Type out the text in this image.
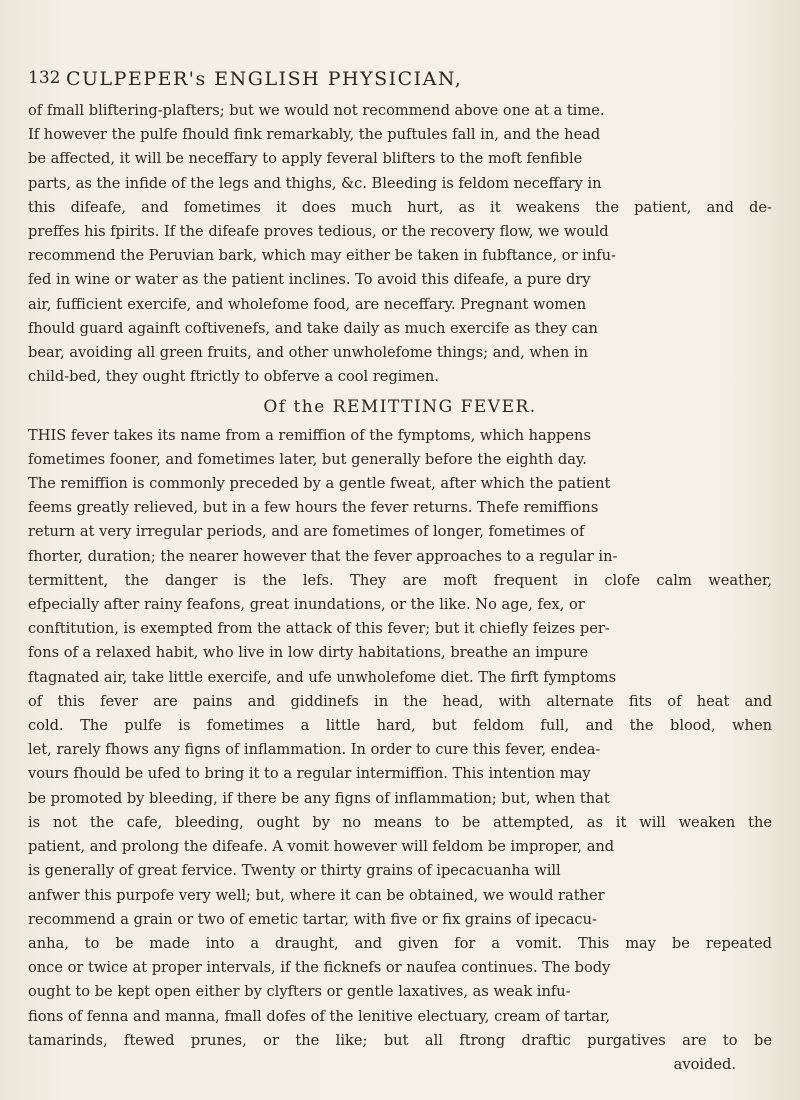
132 CULPEPER's ENGLISH PHYSICIAN,
of fmall bliftering-plafters; but we would not recommend above one at a time.
If however the pulfe fhould fink remarkably, the puftules fall in, and the head
be affected, it will be neceffary to apply feveral blifters to the moft fenfible
parts, as the infide of the legs and thighs, &c. Bleeding is feldom neceffary in
this difeafe, and fometimes it does much hurt, as it weakens the patient, and de-
preffes his fpirits. If the difeafe proves tedious, or the recovery flow, we would
recommend the Peruvian bark, which may either be taken in fubftance, or infu-
fed in wine or water as the patient inclines. To avoid this difeafe, a pure dry
air, fufficient exercife, and wholefome food, are neceffary. Pregnant women
fhould guard againft coftivenefs, and take daily as much exercife as they can
bear, avoiding all green fruits, and other unwholefome things; and, when in
child-bed, they ought ftrictly to obferve a cool regimen.
Of the REMITTING FEVER.
THIS fever takes its name from a remiffion of the fymptoms, which happens
fometimes fooner, and fometimes later, but generally before the eighth day.
The remiffion is commonly preceded by a gentle fweat, after which the patient
feems greatly relieved, but in a few hours the fever returns. Thefe remiffions
return at very irregular periods, and are fometimes of longer, fometimes of
fhorter, duration; the nearer however that the fever approaches to a regular in-
termittent, the danger is the lefs. They are moft frequent in clofe calm weather,
efpecially after rainy feafons, great inundations, or the like. No age, fex, or
conftitution, is exempted from the attack of this fever; but it chiefly feizes per-
fons of a relaxed habit, who live in low dirty habitations, breathe an impure
ftagnated air, take little exercife, and ufe unwholefome diet. The firft fymptoms
of this fever are pains and giddinefs in the head, with alternate fits of heat and
cold. The pulfe is fometimes a little hard, but feldom full, and the blood, when
let, rarely fhows any figns of inflammation. In order to cure this fever, endea-
vours fhould be ufed to bring it to a regular intermiffion. This intention may
be promoted by bleeding, if there be any figns of inflammation; but, when that
is not the cafe, bleeding, ought by no means to be attempted, as it will weaken the
patient, and prolong the difeafe. A vomit however will feldom be improper, and
is generally of great fervice. Twenty or thirty grains of ipecacuanha will
anfwer this purpofe very well; but, where it can be obtained, we would rather
recommend a grain or two of emetic tartar, with five or fix grains of ipecacu-
anha, to be made into a draught, and given for a vomit. This may be repeated
once or twice at proper intervals, if the ficknefs or naufea continues. The body
ought to be kept open either by clyfters or gentle laxatives, as weak infu-
fions of fenna and manna, fmall dofes of the lenitive electuary, cream of tartar,
tamarinds, ftewed prunes, or the like; but all ftrong draftic purgatives are to be
avoided.
